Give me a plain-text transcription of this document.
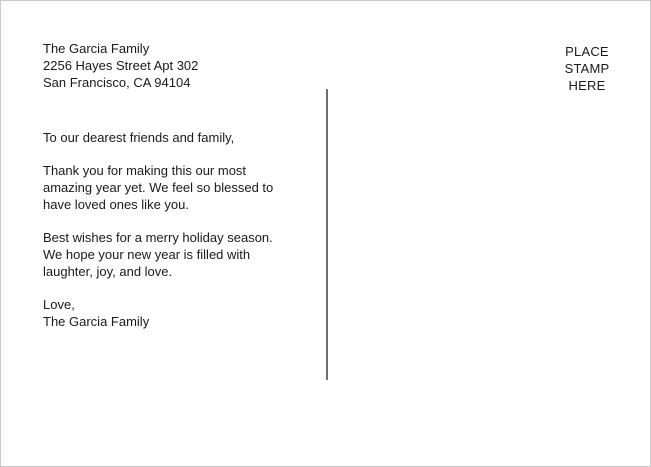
The Garcia Family
2256 Hayes Street Apt 302
San Francisco, CA 94104
To our dearest friends and family,
Thank you for making this our most
amazing year yet. We feel so blessed to
have loved ones like you.
Best wishes for a merry holiday season.
We hope your new year is filled with
laughter, joy, and love.
Love,
The Garcia Family
PLACE
STAMP
HERE
